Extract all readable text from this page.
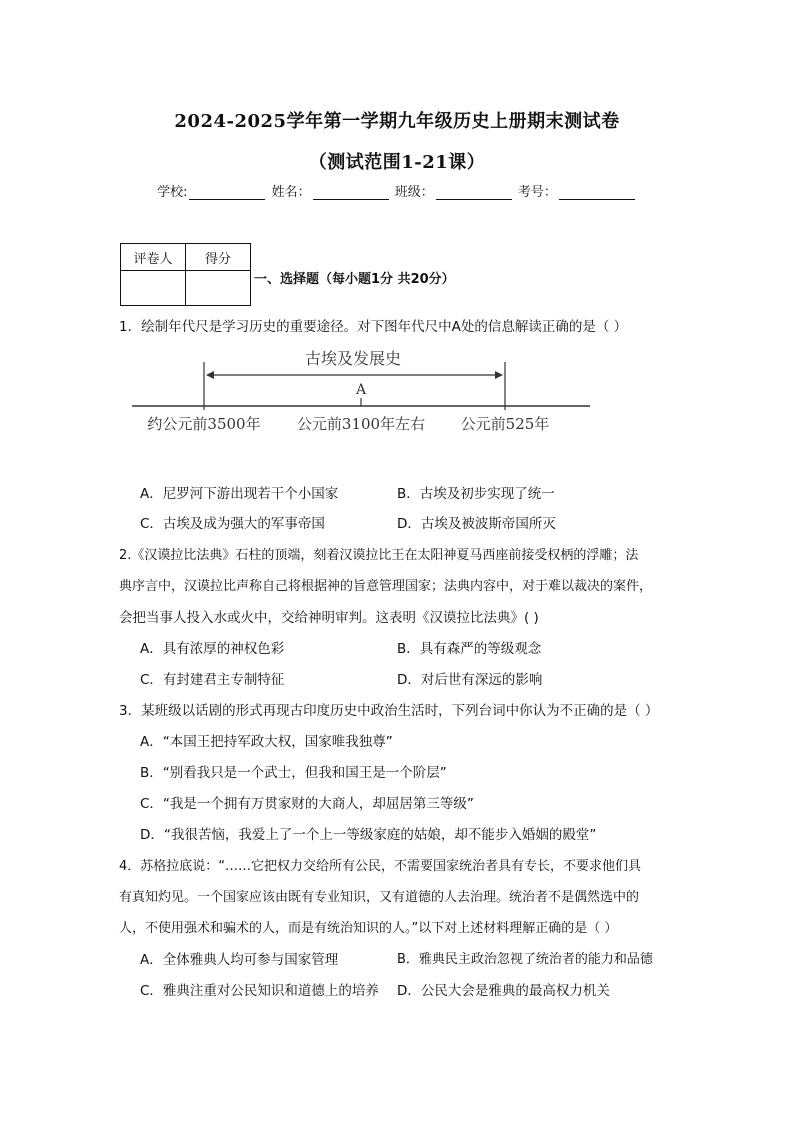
2024-2025学年第一学期九年级历史上册期末测试卷
（测试范围1-21课）
学校:	姓名：	班级：	考号：
评卷人	得分

一、选择题（每小题1分 共20分）
1．绘制年代尺是学习历史的重要途径。对下图年代尺中A处的信息解读正确的是（ ）
古埃及发展史
A
约公元前3500年 公元前3100年左右 公元前525年
A．尼罗河下游出现若干个小国家	B．古埃及初步实现了统一
C．古埃及成为强大的军事帝国	D．古埃及被波斯帝国所灭
2.《汉谟拉比法典》石柱的顶端，刻着汉谟拉比王在太阳神夏马西座前接受权柄的浮雕；法
典序言中，汉谟拉比声称自己将根据神的旨意管理国家；法典内容中，对于难以裁决的案件，
会把当事人投入水或火中，交给神明审判。这表明《汉谟拉比法典》( )
A．具有浓厚的神权色彩	B．具有森严的等级观念
C．有封建君主专制特征	D．对后世有深远的影响
3．某班级以话剧的形式再现古印度历史中政治生活时，下列台词中你认为不正确的是（ ）
A．“本国王把持军政大权，国家唯我独尊”
B．“别看我只是一个武士，但我和国王是一个阶层”
C．“我是一个拥有万贯家财的大商人，却屈居第三等级”
D．“我很苦恼，我爱上了一个上一等级家庭的姑娘，却不能步入婚姻的殿堂”
4．苏格拉底说：“……它把权力交给所有公民，不需要国家统治者具有专长，不要求他们具
有真知灼见。一个国家应该由既有专业知识，又有道德的人去治理。统治者不是偶然选中的
人，不使用强术和骗术的人，而是有统治知识的人。”以下对上述材料理解正确的是（ ）
A．全体雅典人均可参与国家管理	B．雅典民主政治忽视了统治者的能力和品德
C．雅典注重对公民知识和道德上的培养 D．公民大会是雅典的最高权力机关
